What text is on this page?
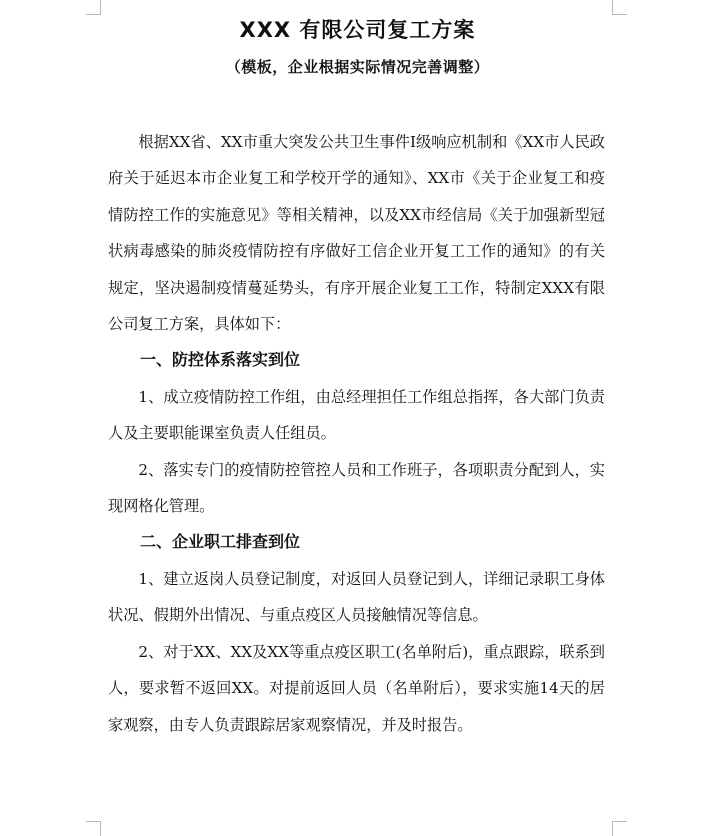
XXX 有限公司复工方案
（模板，企业根据实际情况完善调整）

根据XX省、XX市重大突发公共卫生事件Ⅰ级响应机制和《XX市人民政府关于延迟本市企业复工和学校开学的通知》、XX市《关于企业复工和疫情防控工作的实施意见》等相关精神，以及XX市经信局《关于加强新型冠状病毒感染的肺炎疫情防控有序做好工信企业开复工工作的通知》的有关规定，坚决遏制疫情蔓延势头，有序开展企业复工工作，特制定XXX有限公司复工方案，具体如下：

一、防控体系落实到位

1、成立疫情防控工作组，由总经理担任工作组总指挥，各大部门负责人及主要职能课室负责人任组员。

2、落实专门的疫情防控管控人员和工作班子，各项职责分配到人，实现网格化管理。

二、企业职工排查到位

1、建立返岗人员登记制度，对返回人员登记到人，详细记录职工身体状况、假期外出情况、与重点疫区人员接触情况等信息。

2、对于XX、XX及XX等重点疫区职工(名单附后)，重点跟踪，联系到人，要求暂不返回XX。对提前返回人员（名单附后），要求实施14天的居家观察，由专人负责跟踪居家观察情况，并及时报告。
